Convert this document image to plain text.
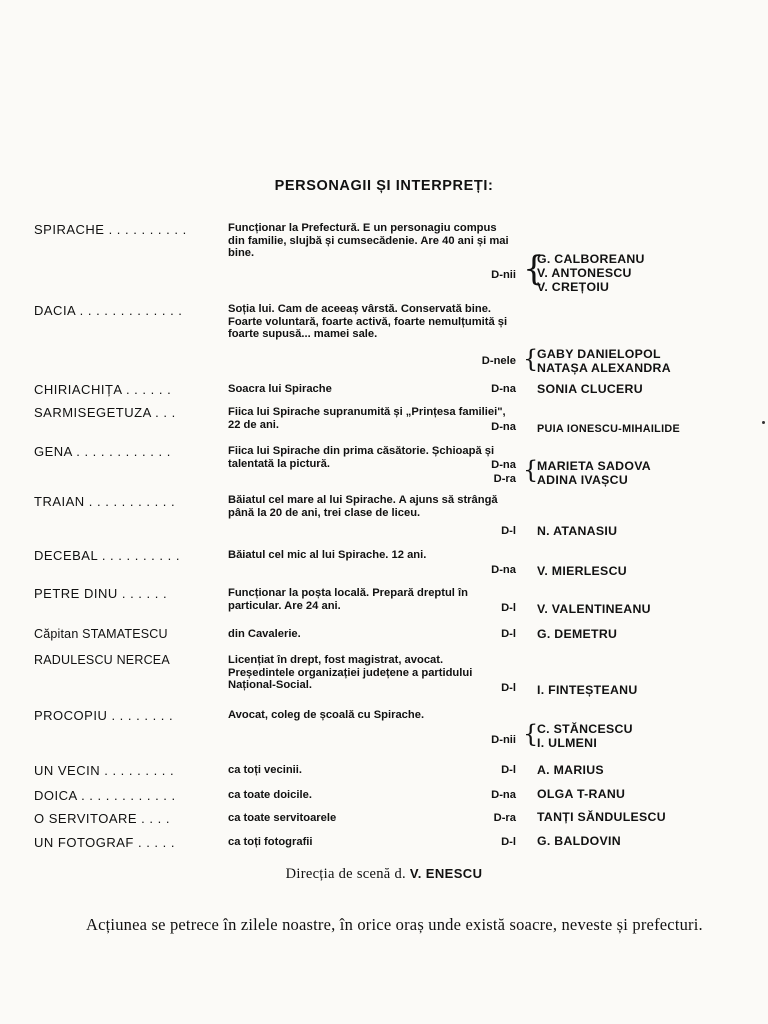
PERSONAGII ȘI INTERPREȚI:
SPIRACHE . . . . . . . . . .	Funcționar la Prefectură. E un personagiu compus din familie, slujbă și cumsecădenie. Are 40 ani și mai bine.
D-nii {
G. CALBOREANU
V. ANTONESCU
V. CREȚOIU
DACIA . . . . . . . . . . . . .	Soția lui. Cam de aceeaș vârstă. Conservată bine. Foarte voluntară, foarte activă, foarte nemulțumită și foarte supusă... mamei sale.
D-nele {
GABY DANIELOPOL
NATAȘA ALEXANDRA
CHIRIACHIȚA . . . . . .	Soacra lui Spirache	D-na SONIA CLUCERU
SARMISEGETUZA . . .	Fiica lui Spirache supranumită și „Prințesa familiei", 22 de ani.	D-na PUIA IONESCU-MIHAILIDE
GENA . . . . . . . . . . . .	Fiica lui Spirache din prima căsătorie. Șchioapă și talentată la pictură.	D-na
D-ra {
MARIETA SADOVA
ADINA IVAȘCU
TRAIAN . . . . . . . . . . .	Băiatul cel mare al lui Spirache. A ajuns să strângă până la 20 de ani, trei clase de liceu.
D-l N. ATANASIU
DECEBAL . . . . . . . . . .	Băiatul cel mic al lui Spirache. 12 ani.
D-na V. MIERLESCU
PETRE DINU . . . . . .	Funcționar la poșta locală. Prepară dreptul în particular. Are 24 ani.	D-l V. VALENTINEANU
Căpitan STAMATESCU	din Cavalerie.	D-l G. DEMETRU
RADULESCU NERCEA	Licențiat în drept, fost magistrat, avocat. Președintele organizației județene a partidului Național-Social.	D-l I. FINTEȘTEANU
PROCOPIU . . . . . . . .	Avocat, coleg de școală cu Spirache.
D-nii {
C. STĂNCESCU
I. ULMENI
UN VECIN . . . . . . . . .	ca toți vecinii.	D-l A. MARIUS
DOICA . . . . . . . . . . . .	ca toate doicile.	D-na OLGA T-RANU
O SERVITOARE . . . .	ca toate servitoarele	D-ra TANȚI SĂNDULESCU
UN FOTOGRAF . . . . .	ca toți fotografii	D-l G. BALDOVIN
Direcția de scenă d. V. ENESCU
Acțiunea se petrece în zilele noastre, în orice oraș unde există soacre, neveste și prefecturi.
